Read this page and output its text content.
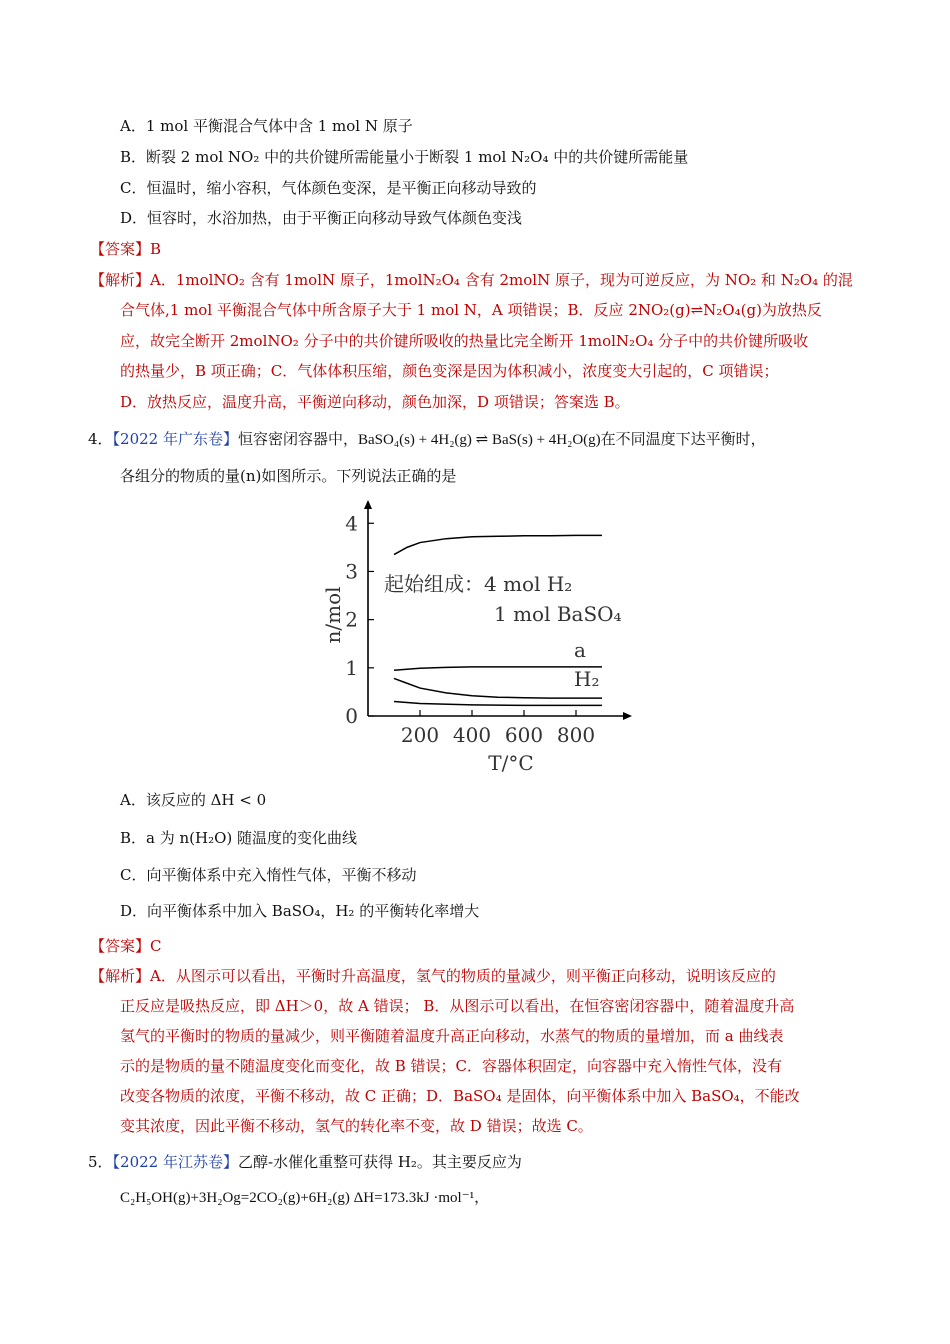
A．1 mol 平衡混合气体中含 1 mol N 原子
B．断裂 2 mol NO₂ 中的共价键所需能量小于断裂 1 mol N₂O₄ 中的共价键所需能量
C．恒温时，缩小容积，气体颜色变深，是平衡正向移动导致的
D．恒容时，水浴加热，由于平衡正向移动导致气体颜色变浅
【答案】B
【解析】A．1molNO₂ 含有 1molN 原子，1molN₂O₄ 含有 2molN 原子，现为可逆反应，为 NO₂ 和 N₂O₄ 的混
合气体,1 mol 平衡混合气体中所含原子大于 1 mol N，A 项错误；B．反应 2NO₂(g)⇌N₂O₄(g)为放热反
应，故完全断开 2molNO₂ 分子中的共价键所吸收的热量比完全断开 1molN₂O₄ 分子中的共价键所吸收
的热量少，B 项正确；C．气体体积压缩，颜色变深是因为体积减小，浓度变大引起的，C 项错误；
D．放热反应，温度升高，平衡逆向移动，颜色加深，D 项错误；答案选 B。
4．【2022 年广东卷】恒容密闭容器中，BaSO₄(s) + 4H₂(g) ⇌ BaS(s) + 4H₂O(g)在不同温度下达平衡时，
各组分的物质的量(n)如图所示。下列说法正确的是
200 400 600 800
0
1
2
3
4
a
H₂
n/mol
T/°C
起始组成：4 mol H₂
1 mol BaSO₄
A．该反应的 ΔH < 0
B．a 为 n(H₂O) 随温度的变化曲线
C．向平衡体系中充入惰性气体，平衡不移动
D．向平衡体系中加入 BaSO₄，H₂ 的平衡转化率增大
【答案】C
【解析】A．从图示可以看出，平衡时升高温度，氢气的物质的量减少，则平衡正向移动，说明该反应的
正反应是吸热反应，即 ΔH＞0，故 A 错误； B．从图示可以看出，在恒容密闭容器中，随着温度升高
氢气的平衡时的物质的量减少，则平衡随着温度升高正向移动，水蒸气的物质的量增加，而 a 曲线表
示的是物质的量不随温度变化而变化，故 B 错误；C．容器体积固定，向容器中充入惰性气体，没有
改变各物质的浓度，平衡不移动，故 C 正确；D．BaSO₄ 是固体，向平衡体系中加入 BaSO₄，不能改
变其浓度，因此平衡不移动，氢气的转化率不变，故 D 错误；故选 C。
5．【2022 年江苏卷】乙醇-水催化重整可获得 H₂。其主要反应为
C₂H₅OH(g)+3H₂Og=2CO₂(g)+6H₂(g) ΔH=173.3kJ ·mol⁻¹，
